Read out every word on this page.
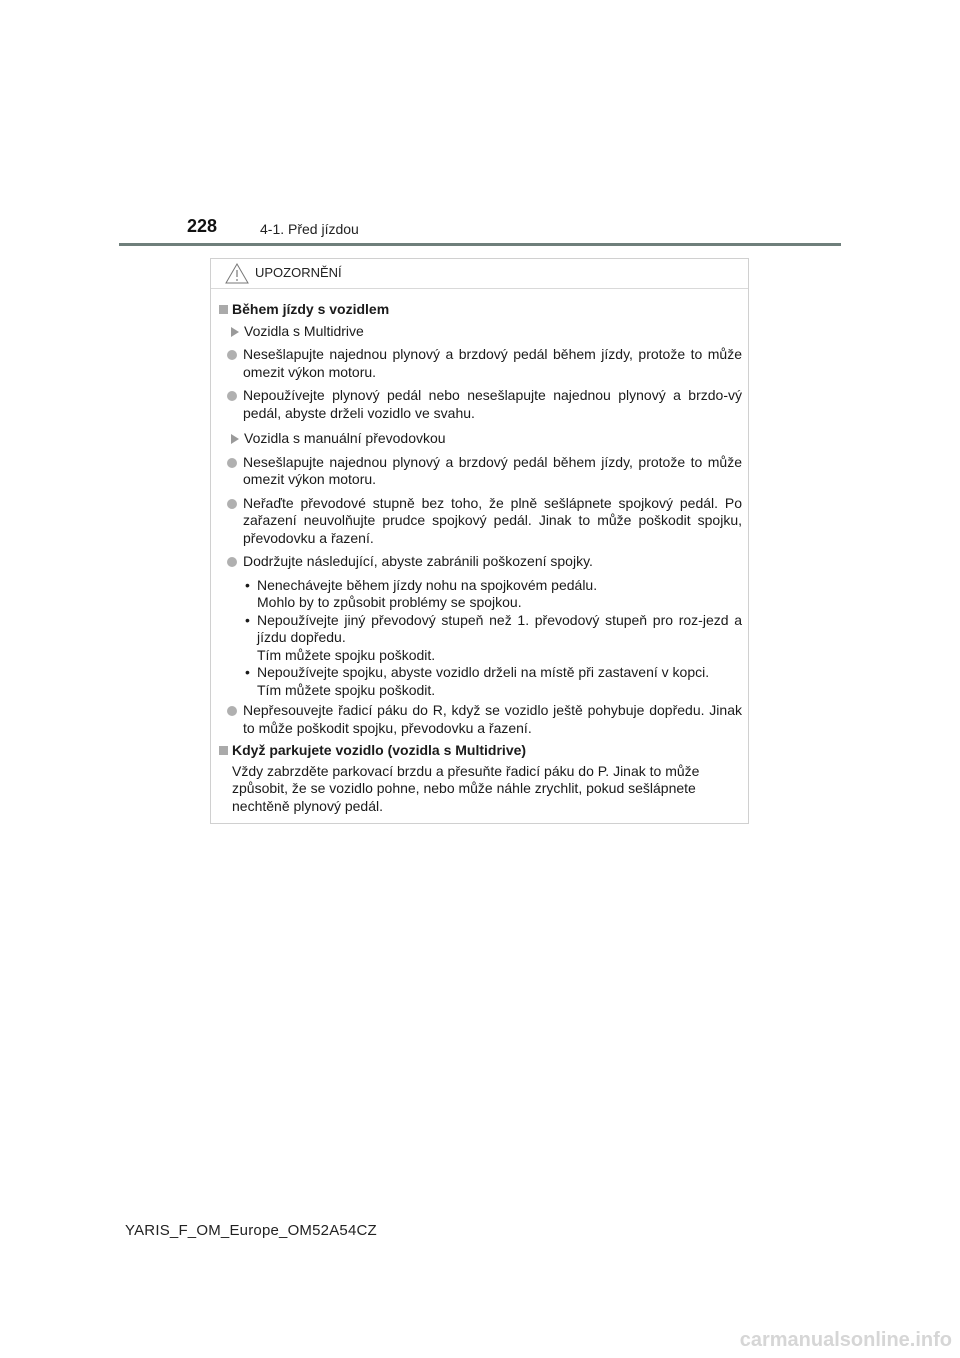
228	4-1. Před jízdou
UPOZORNĚNÍ
Během jízdy s vozidlem
Vozidla s Multidrive
Nesešlapujte najednou plynový a brzdový pedál během jízdy, protože to může omezit výkon motoru.
Nepoužívejte plynový pedál nebo nesešlapujte najednou plynový a brzdo-vý pedál, abyste drželi vozidlo ve svahu.
Vozidla s manuální převodovkou
Nesešlapujte najednou plynový a brzdový pedál během jízdy, protože to může omezit výkon motoru.
Neřaďte převodové stupně bez toho, že plně sešlápnete spojkový pedál. Po zařazení neuvolňujte prudce spojkový pedál. Jinak to může poškodit spojku, převodovku a řazení.
Dodržujte následující, abyste zabránili poškození spojky.
• Nenechávejte během jízdy nohu na spojkovém pedálu.
Mohlo by to způsobit problémy se spojkou.
• Nepoužívejte jiný převodový stupeň než 1. převodový stupeň pro roz-jezd a jízdu dopředu.
Tím můžete spojku poškodit.
• Nepoužívejte spojku, abyste vozidlo drželi na místě při zastavení v kopci.
Tím můžete spojku poškodit.
Nepřesouvejte řadicí páku do R, když se vozidlo ještě pohybuje dopředu. Jinak to může poškodit spojku, převodovku a řazení.
Když parkujete vozidlo (vozidla s Multidrive)
Vždy zabrzděte parkovací brzdu a přesuňte řadicí páku do P. Jinak to může způsobit, že se vozidlo pohne, nebo může náhle zrychlit, pokud sešlápnete nechtěně plynový pedál.
YARIS_F_OM_Europe_OM52A54CZ
carmanualsonline.info
